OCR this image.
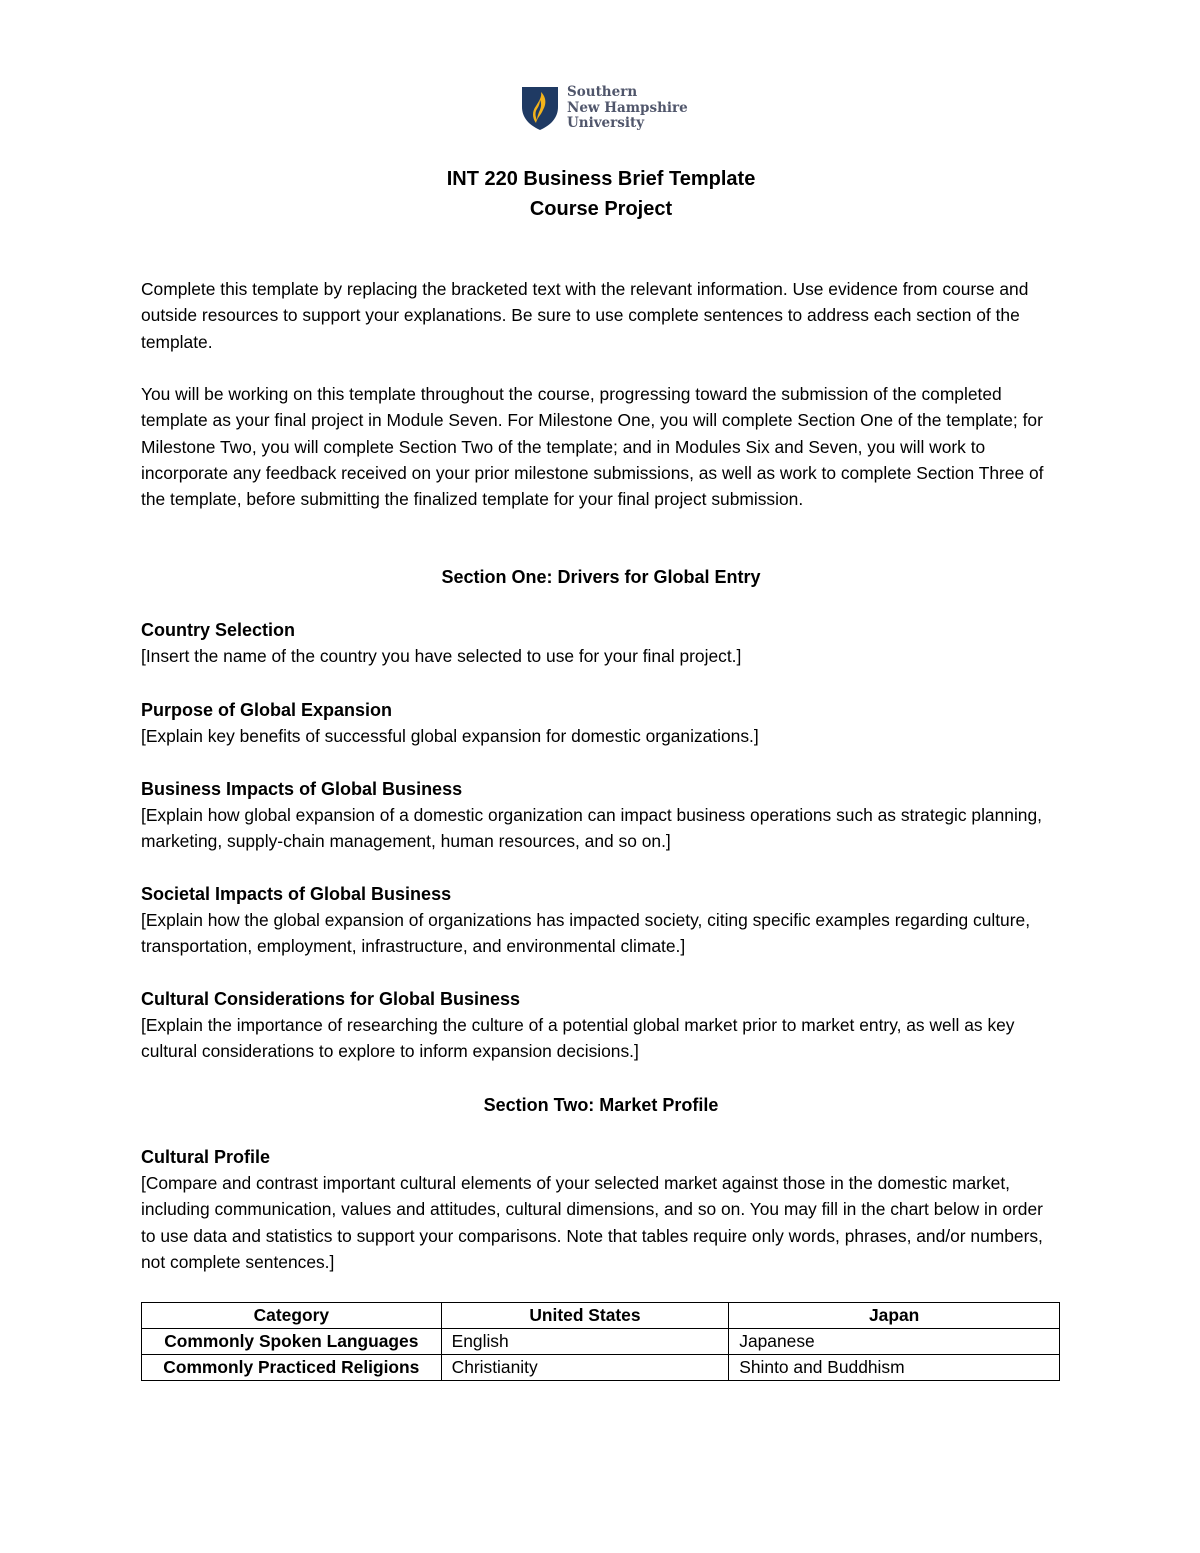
Southern
New Hampshire
University
INT 220 Business Brief Template
Course Project
Complete this template by replacing the bracketed text with the relevant information. Use evidence from course and outside resources to support your explanations. Be sure to use complete sentences to address each section of the template.
You will be working on this template throughout the course, progressing toward the submission of the completed template as your final project in Module Seven. For Milestone One, you will complete Section One of the template; for Milestone Two, you will complete Section Two of the template; and in Modules Six and Seven, you will work to incorporate any feedback received on your prior milestone submissions, as well as work to complete Section Three of the template, before submitting the finalized template for your final project submission.
Section One: Drivers for Global Entry
Country Selection
[Insert the name of the country you have selected to use for your final project.]
Purpose of Global Expansion
[Explain key benefits of successful global expansion for domestic organizations.]
Business Impacts of Global Business
[Explain how global expansion of a domestic organization can impact business operations such as strategic planning, marketing, supply-chain management, human resources, and so on.]
Societal Impacts of Global Business
[Explain how the global expansion of organizations has impacted society, citing specific examples regarding culture, transportation, employment, infrastructure, and environmental climate.]
Cultural Considerations for Global Business
[Explain the importance of researching the culture of a potential global market prior to market entry, as well as key cultural considerations to explore to inform expansion decisions.]
Section Two: Market Profile
Cultural Profile
[Compare and contrast important cultural elements of your selected market against those in the domestic market, including communication, values and attitudes, cultural dimensions, and so on. You may fill in the chart below in order to use data and statistics to support your comparisons. Note that tables require only words, phrases, and/or numbers, not complete sentences.]
Category	United States	Japan
Commonly Spoken Languages	English	Japanese
Commonly Practiced Religions	Christianity	Shinto and Buddhism
